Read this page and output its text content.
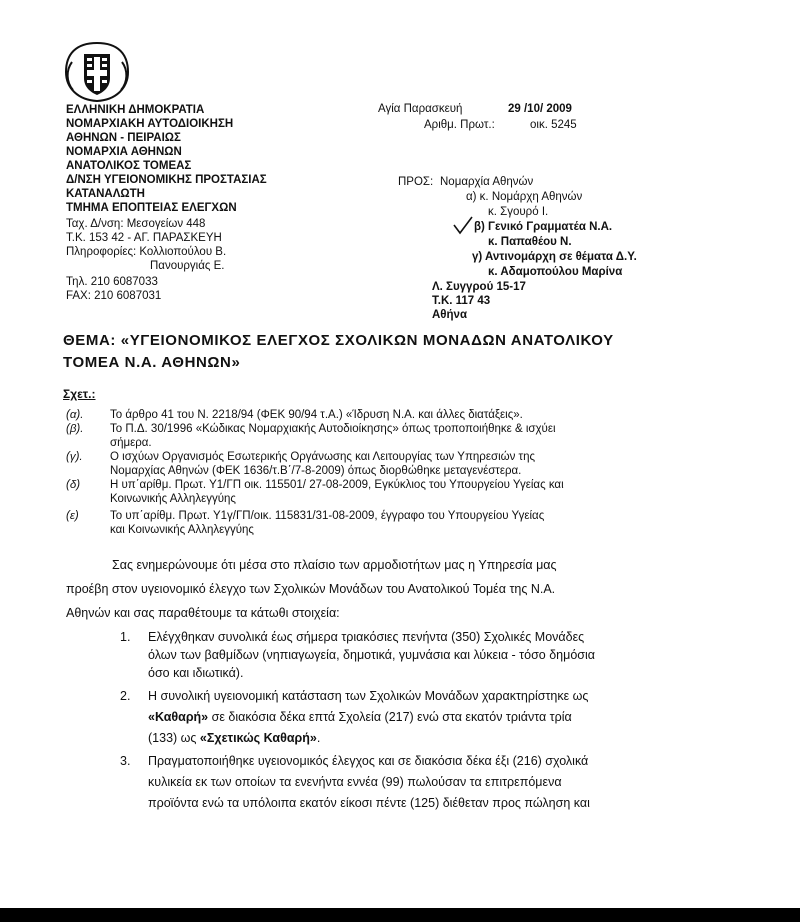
ΕΛΛΗΝΙΚΗ ΔΗΜΟΚΡΑΤΙΑ
ΝΟΜΑΡΧΙΑΚΗ ΑΥΤΟΔΙΟΙΚΗΣΗ
ΑΘΗΝΩΝ - ΠΕΙΡΑΙΩΣ
ΝΟΜΑΡΧΙΑ ΑΘΗΝΩΝ
ΑΝΑΤΟΛΙΚΟΣ ΤΟΜΕΑΣ
Δ/ΝΣΗ ΥΓΕΙΟΝΟΜΙΚΗΣ ΠΡΟΣΤΑΣΙΑΣ
ΚΑΤΑΝΑΛΩΤΗ
ΤΜΗΜΑ ΕΠΟΠΤΕΙΑΣ ΕΛΕΓΧΩΝ
Ταχ. Δ/νση: Μεσογείων 448
Τ.Κ. 153 42 - ΑΓ. ΠΑΡΑΣΚΕΥΗ
Πληροφορίες: Κολλιοπούλου Β.
Πανουργιάς Ε.
Τηλ. 210 6087033
FAX: 210 6087031
Αγία Παρασκευή	29 /10/ 2009
Αριθμ. Πρωτ.:	οικ. 5245
ΠΡΟΣ: Νομαρχία Αθηνών
α) κ. Νομάρχη Αθηνών
κ. Σγουρό Ι.
β) Γενικό Γραμματέα Ν.Α.
κ. Παπαθέου Ν.
γ) Αντινομάρχη σε θέματα Δ.Υ.
κ. Αδαμοπούλου Μαρίνα
Λ. Συγγρού 15-17
Τ.Κ. 117 43
Αθήνα
ΘΕΜΑ: «ΥΓΕΙΟΝΟΜΙΚΟΣ ΕΛΕΓΧΟΣ ΣΧΟΛΙΚΩΝ ΜΟΝΑΔΩΝ ΑΝΑΤΟΛΙΚΟΥ
ΤΟΜΕΑ Ν.Α. ΑΘΗΝΩΝ»
Σχετ.:
(α). Το άρθρο 41 του Ν. 2218/94 (ΦΕΚ 90/94 τ.Α.) «Ίδρυση Ν.Α. και άλλες διατάξεις».
(β). Το Π.Δ. 30/1996 «Κώδικας Νομαρχιακής Αυτοδιοίκησης» όπως τροποποιήθηκε & ισχύει
σήμερα.
(γ). Ο ισχύων Οργανισμός Εσωτερικής Οργάνωσης και Λειτουργίας των Υπηρεσιών της
Νομαρχίας Αθηνών (ΦΕΚ 1636/τ.Β΄/7-8-2009) όπως διορθώθηκε μεταγενέστερα.
(δ)	Η υπ΄αρίθμ. Πρωτ. Υ1/ΓΠ οικ. 115501/ 27-08-2009, Εγκύκλιος του Υπουργείου Υγείας και
Κοινωνικής Αλληλεγγύης
(ε)	Το υπ΄αρίθμ. Πρωτ. Υ1γ/ΓΠ/οικ. 115831/31-08-2009, έγγραφο του Υπουργείου Υγείας
και Κοινωνικής Αλληλεγγύης
Σας ενημερώνουμε ότι μέσα στο πλαίσιο των αρμοδιοτήτων μας η Υπηρεσία μας
προέβη στον υγειονομικό έλεγχο των Σχολικών Μονάδων του Ανατολικού Τομέα της Ν.Α.
Αθηνών και σας παραθέτουμε τα κάτωθι στοιχεία:
1. Ελέγχθηκαν συνολικά έως σήμερα τριακόσιες πενήντα (350) Σχολικές Μονάδες
όλων των βαθμίδων (νηπιαγωγεία, δημοτικά, γυμνάσια και λύκεια - τόσο δημόσια
όσο και ιδιωτικά).
2. Η συνολική υγειονομική κατάσταση των Σχολικών Μονάδων χαρακτηρίστηκε ως
«Καθαρή» σε διακόσια δέκα επτά Σχολεία (217) ενώ στα εκατόν τριάντα τρία
(133) ως «Σχετικώς Καθαρή».
3. Πραγματοποιήθηκε υγειονομικός έλεγχος και σε διακόσια δέκα έξι (216) σχολικά
κυλικεία εκ των οποίων τα ενενήντα εννέα (99) πωλούσαν τα επιτρεπόμενα
προϊόντα ενώ τα υπόλοιπα εκατόν είκοσι πέντε (125) διέθεταν προς πώληση και
